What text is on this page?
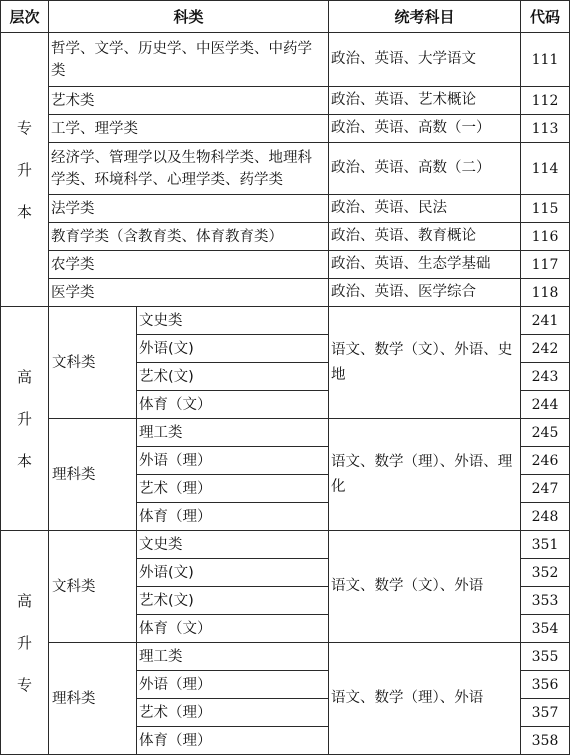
层次	科类		统考科目	代码
专升本	哲学、文学、历史学、中医学类、中药学类		政治、英语、大学语文	111
	艺术类		政治、英语、艺术概论	112
	工学、理学类		政治、英语、高数（一）	113
	经济学、管理学以及生物科学类、地理科学类、环境科学、心理学类、药学类		政治、英语、高数（二）	114
	法学类		政治、英语、民法	115
	教育学类（含教育类、体育教育类）		政治、英语、教育概论	116
	农学类		政治、英语、生态学基础	117
	医学类		政治、英语、医学综合	118
高升本	文科类	文史类	语文、数学（文）、外语、史地	241
		外语(文)		242
		艺术(文)		243
		体育（文）		244
	理科类	理工类	语文、数学（理）、外语、理化	245
		外语（理）		246
		艺术（理）		247
		体育（理）		248
高升专	文科类	文史类	语文、数学（文）、外语	351
		外语(文)		352
		艺术(文)		353
		体育（文）		354
	理科类	理工类	语文、数学（理）、外语	355
		外语（理）		356
		艺术（理）		357
		体育（理）		358
